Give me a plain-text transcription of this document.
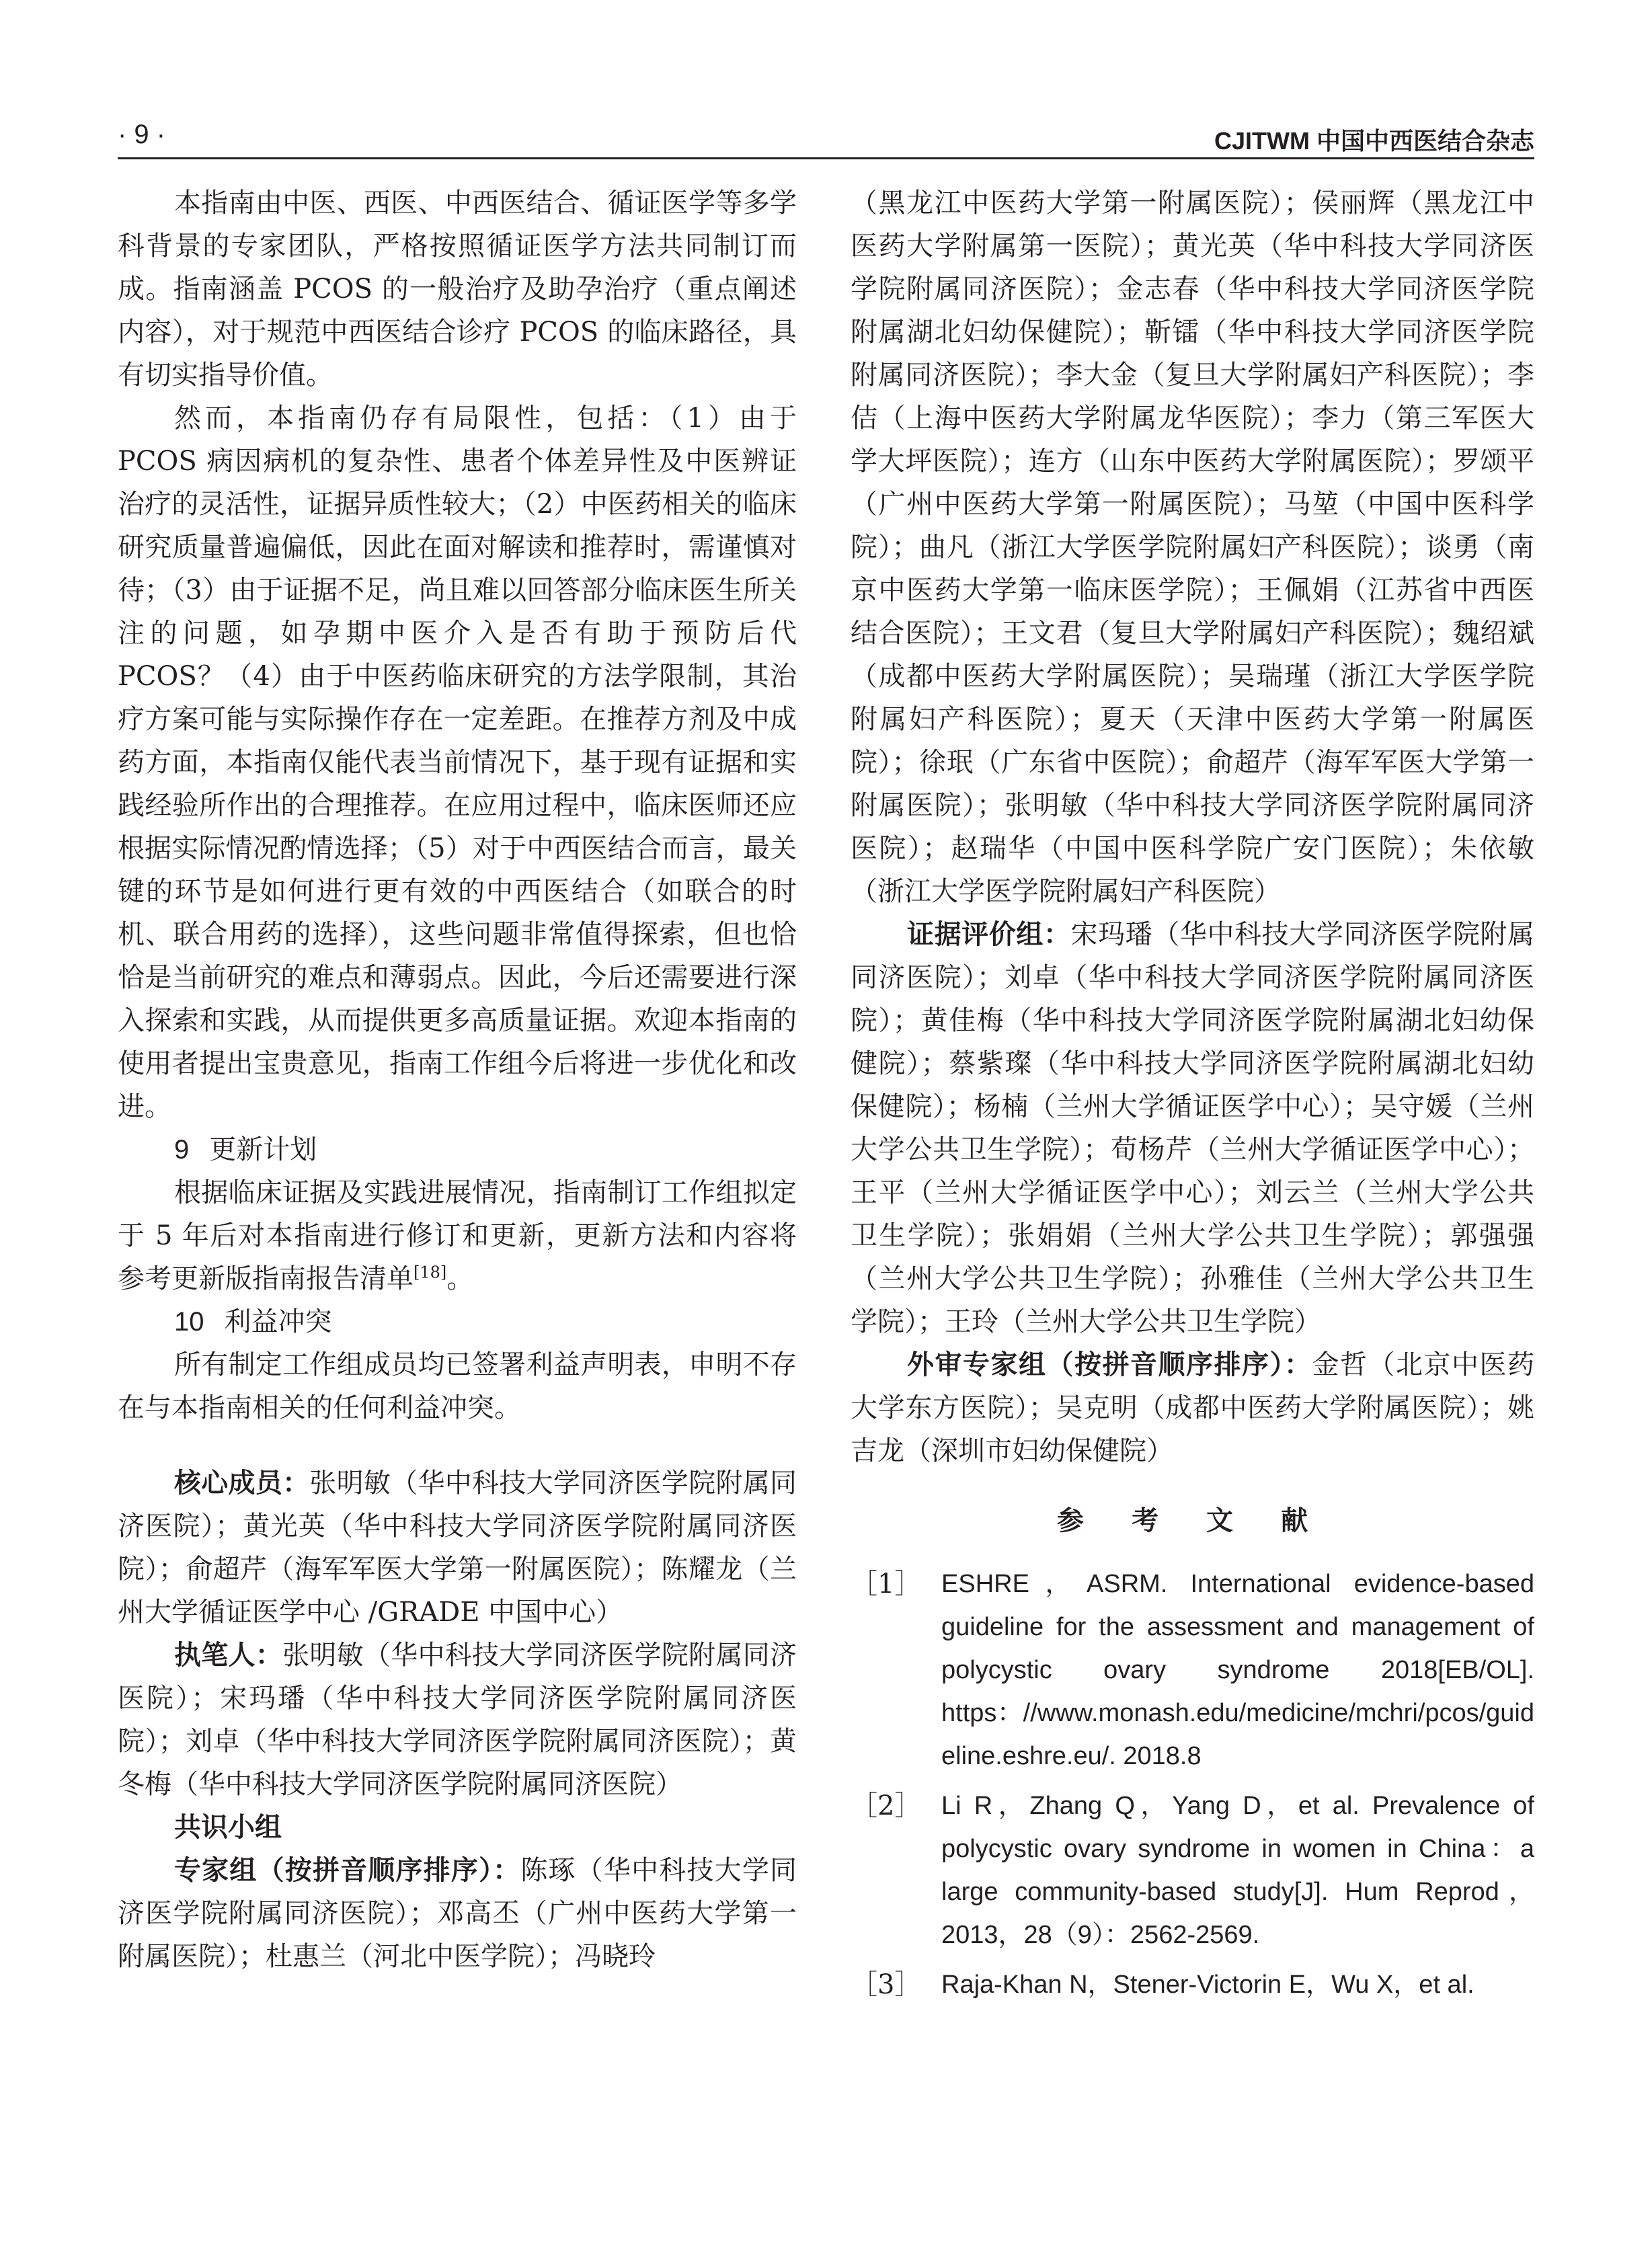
· 9 ·	CJITWM 中国中西医结合杂志

本指南由中医、西医、中西医结合、循证医学等多学科背景的专家团队，严格按照循证医学方法共同制订而成。指南涵盖 PCOS 的一般治疗及助孕治疗（重点阐述内容），对于规范中西医结合诊疗 PCOS 的临床路径，具有切实指导价值。

然而，本指南仍存有局限性，包括：（1）由于 PCOS 病因病机的复杂性、患者个体差异性及中医辨证治疗的灵活性，证据异质性较大；（2）中医药相关的临床研究质量普遍偏低，因此在面对解读和推荐时，需谨慎对待；（3）由于证据不足，尚且难以回答部分临床医生所关注的问题，如孕期中医介入是否有助于预防后代 PCOS？（4）由于中医药临床研究的方法学限制，其治疗方案可能与实际操作存在一定差距。在推荐方剂及中成药方面，本指南仅能代表当前情况下，基于现有证据和实践经验所作出的合理推荐。在应用过程中，临床医师还应根据实际情况酌情选择；（5）对于中西医结合而言，最关键的环节是如何进行更有效的中西医结合（如联合的时机、联合用药的选择），这些问题非常值得探索，但也恰恰是当前研究的难点和薄弱点。因此，今后还需要进行深入探索和实践，从而提供更多高质量证据。欢迎本指南的使用者提出宝贵意见，指南工作组今后将进一步优化和改进。

9 更新计划

根据临床证据及实践进展情况，指南制订工作组拟定于 5 年后对本指南进行修订和更新，更新方法和内容将参考更新版指南报告清单[18]。

10 利益冲突

所有制定工作组成员均已签署利益声明表，申明不存在与本指南相关的任何利益冲突。

核心成员：张明敏（华中科技大学同济医学院附属同济医院）；黄光英（华中科技大学同济医学院附属同济医院）；俞超芹（海军军医大学第一附属医院）；陈耀龙（兰州大学循证医学中心 /GRADE 中国中心）

执笔人：张明敏（华中科技大学同济医学院附属同济医院）；宋玛璠（华中科技大学同济医学院附属同济医院）；刘卓（华中科技大学同济医学院附属同济医院）；黄冬梅（华中科技大学同济医学院附属同济医院）

共识小组

专家组（按拼音顺序排序）：陈琢（华中科技大学同济医学院附属同济医院）；邓高丕（广州中医药大学第一附属医院）；杜惠兰（河北中医学院）；冯晓玲

（黑龙江中医药大学第一附属医院）；侯丽辉（黑龙江中医药大学附属第一医院）；黄光英（华中科技大学同济医学院附属同济医院）；金志春（华中科技大学同济医学院附属湖北妇幼保健院）；靳镭（华中科技大学同济医学院附属同济医院）；李大金（复旦大学附属妇产科医院）；李佶（上海中医药大学附属龙华医院）；李力（第三军医大学大坪医院）；连方（山东中医药大学附属医院）；罗颂平（广州中医药大学第一附属医院）；马堃（中国中医科学院）；曲凡（浙江大学医学院附属妇产科医院）；谈勇（南京中医药大学第一临床医学院）；王佩娟（江苏省中西医结合医院）；王文君（复旦大学附属妇产科医院）；魏绍斌（成都中医药大学附属医院）；吴瑞瑾（浙江大学医学院附属妇产科医院）；夏天（天津中医药大学第一附属医院）；徐珉（广东省中医院）；俞超芹（海军军医大学第一附属医院）；张明敏（华中科技大学同济医学院附属同济医院）；赵瑞华（中国中医科学院广安门医院）；朱依敏（浙江大学医学院附属妇产科医院）

证据评价组：宋玛璠（华中科技大学同济医学院附属同济医院）；刘卓（华中科技大学同济医学院附属同济医院）；黄佳梅（华中科技大学同济医学院附属湖北妇幼保健院）；蔡紫璨（华中科技大学同济医学院附属湖北妇幼保健院）；杨楠（兰州大学循证医学中心）；吴守媛（兰州大学公共卫生学院）；荀杨芹（兰州大学循证医学中心）；王平（兰州大学循证医学中心）；刘云兰（兰州大学公共卫生学院）；张娟娟（兰州大学公共卫生学院）；郭强强（兰州大学公共卫生学院）；孙雅佳（兰州大学公共卫生学院）；王玲（兰州大学公共卫生学院）

外审专家组（按拼音顺序排序）：金哲（北京中医药大学东方医院）；吴克明（成都中医药大学附属医院）；姚吉龙（深圳市妇幼保健院）

参 考 文 献
［1］ ESHRE，ASRM. International evidence-based guideline for the assessment and management of polycystic ovary syndrome 2018[EB/OL]. https：//www.monash.edu/medicine/mchri/pcos/guideline.eshre.eu/. 2018.8
［2］ Li R，Zhang Q，Yang D，et al. Prevalence of polycystic ovary syndrome in women in China：a large community-based study[J]. Hum Reprod，2013，28（9）：2562-2569.
［3］ Raja-Khan N，Stener-Victorin E，Wu X，et al.
